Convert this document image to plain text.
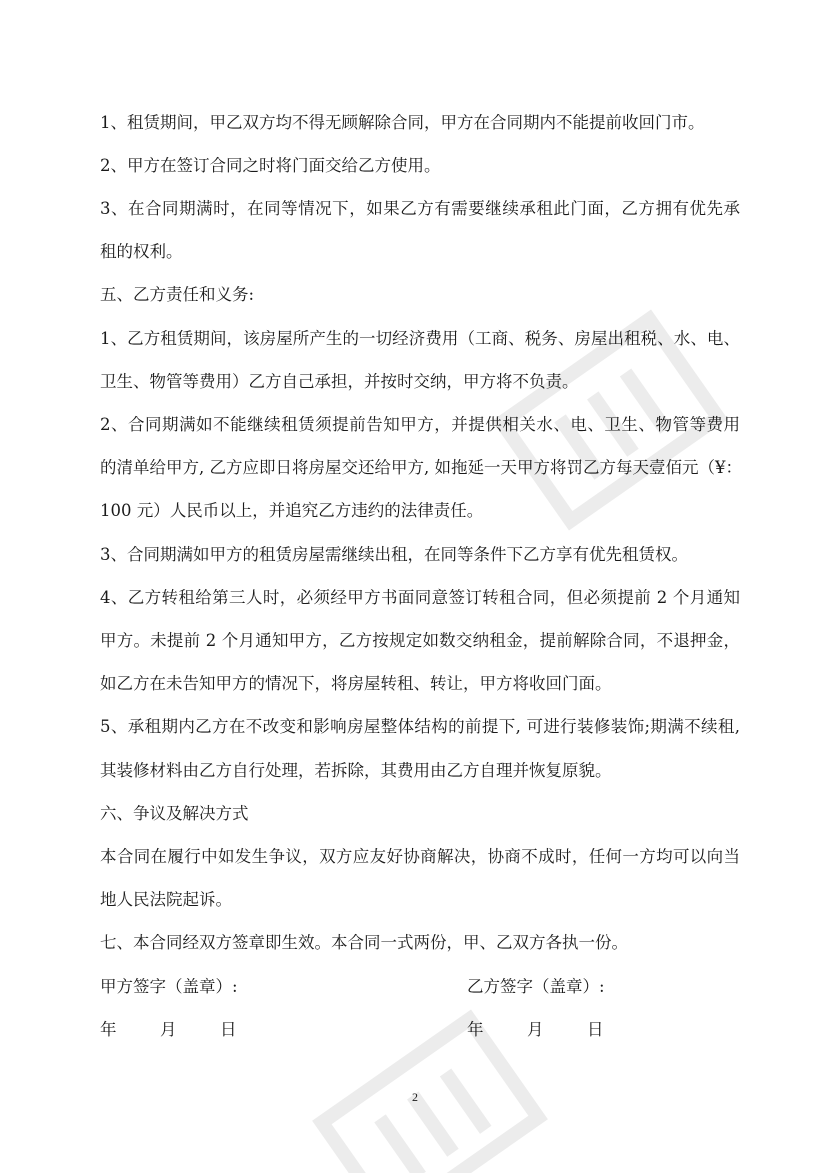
1、租赁期间，甲乙双方均不得无顾解除合同，甲方在合同期内不能提前收回门市。
2、甲方在签订合同之时将门面交给乙方使用。
3、在合同期满时，在同等情况下，如果乙方有需要继续承租此门面，乙方拥有优先承
租的权利。
五、乙方责任和义务:
1、乙方租赁期间，该房屋所产生的一切经济费用（工商、税务、房屋出租税、水、电、
卫生、物管等费用）乙方自己承担，并按时交纳，甲方将不负责。
2、合同期满如不能继续租赁须提前告知甲方，并提供相关水、电、卫生、物管等费用
的清单给甲方, 乙方应即日将房屋交还给甲方, 如拖延一天甲方将罚乙方每天壹佰元（¥：
100 元）人民币以上，并追究乙方违约的法律责任。
3、合同期满如甲方的租赁房屋需继续出租，在同等条件下乙方享有优先租赁权。
4、乙方转租给第三人时，必须经甲方书面同意签订转租合同，但必须提前 2 个月通知
甲方。未提前 2 个月通知甲方，乙方按规定如数交纳租金，提前解除合同，不退押金，
如乙方在未告知甲方的情况下，将房屋转租、转让，甲方将收回门面。
5、承租期内乙方在不改变和影响房屋整体结构的前提下, 可进行装修装饰;期满不续租,
其装修材料由乙方自行处理，若拆除，其费用由乙方自理并恢复原貌。
六、争议及解决方式
本合同在履行中如发生争议，双方应友好协商解决，协商不成时，任何一方均可以向当
地人民法院起诉。
七、本合同经双方签章即生效。本合同一式两份，甲、乙双方各执一份。
甲方签字（盖章）:	乙方签字（盖章）:
年	月	日	年	月	日
2
